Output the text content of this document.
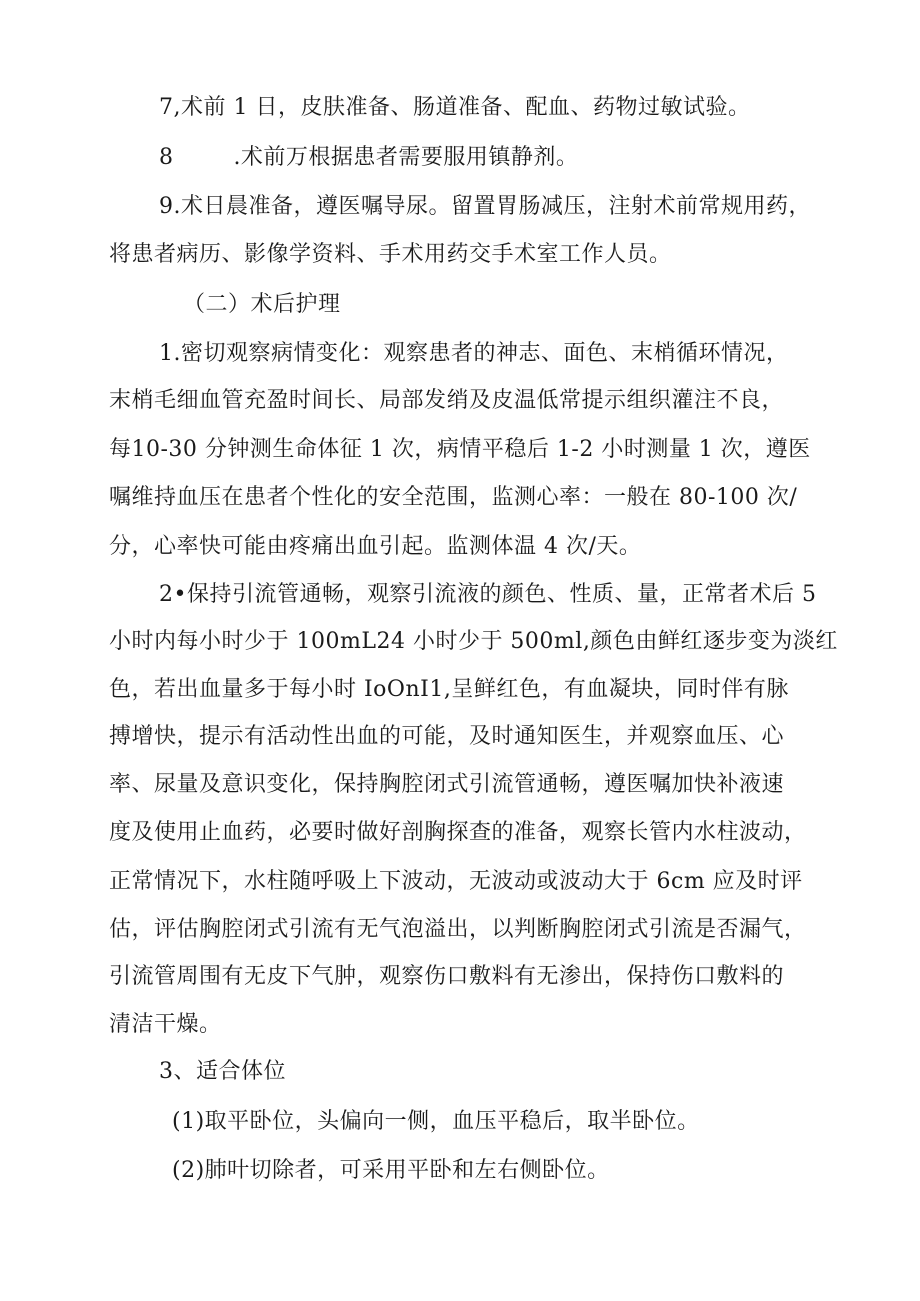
7,术前 1 日，皮肤准备、肠道准备、配血、药物过敏试验。
8        .术前万根据患者需要服用镇静剂。
9.术日晨准备，遵医嘱导尿。留置胃肠减压，注射术前常规用药，
将患者病历、影像学资料、手术用药交手术室工作人员。
（二）术后护理
1.密切观察病情变化：观察患者的神志、面色、末梢循环情况，
末梢毛细血管充盈时间长、局部发绡及皮温低常提示组织灌注不良，
每10-30 分钟测生命体征 1 次，病情平稳后 1-2 小时测量 1 次，遵医
嘱维持血压在患者个性化的安全范围，监测心率：一般在 80-100 次/
分，心率快可能由疼痛出血引起。监测体温 4 次/天。
2•保持引流管通畅，观察引流液的颜色、性质、量，正常者术后 5
小时内每小时少于 100mL24 小时少于 500ml,颜色由鲜红逐步变为淡红
色，若出血量多于每小时 IoOnI1,呈鲜红色，有血凝块，同时伴有脉
搏增快，提示有活动性出血的可能，及时通知医生，并观察血压、心
率、尿量及意识变化，保持胸腔闭式引流管通畅，遵医嘱加快补液速
度及使用止血药，必要时做好剖胸探查的准备，观察长管内水柱波动，
正常情况下，水柱随呼吸上下波动，无波动或波动大于 6cm 应及时评
估，评估胸腔闭式引流有无气泡溢出，以判断胸腔闭式引流是否漏气，
引流管周围有无皮下气肿，观察伤口敷料有无渗出，保持伤口敷料的
清洁干燥。
3、适合体位
(1)取平卧位，头偏向一侧，血压平稳后，取半卧位。
(2)肺叶切除者，可采用平卧和左右侧卧位。
